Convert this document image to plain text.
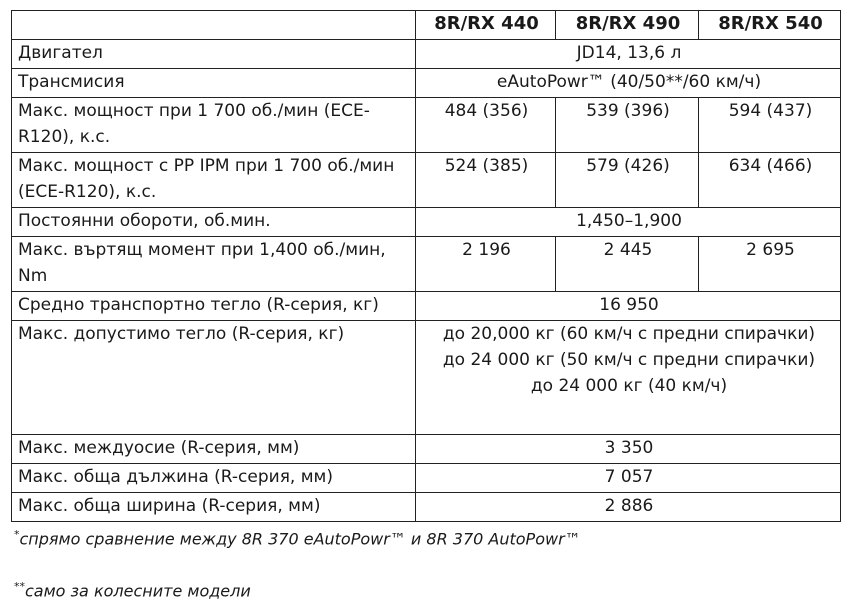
	8R/RX 440	8R/RX 490	8R/RX 540
Двигател	JD14, 13,6 л		
Трансмисия	eAutoPowr™ (40/50**/60 км/ч)		
Макс. мощност при 1 700 об./мин (ECE-R120), к.с.	484 (356)	539 (396)	594 (437)
Макс. мощност с PP IPM при 1 700 об./мин (ECE-R120), к.с.	524 (385)	579 (426)	634 (466)
Постоянни обороти, об.мин.	1,450–1,900		
Макс. въртящ момент при 1,400 об./мин, Nm	2 196	2 445	2 695
Средно транспортно тегло (R-серия, кг)	16 950		
Макс. допустимо тегло (R-серия, кг)	до 20,000 кг (60 км/ч с предни спирачки)
до 24 000 кг (50 км/ч с предни спирачки)
до 24 000 кг (40 км/ч)		

Макс. междуосие (R-серия, мм)	3 350		
Макс. обща дължина (R-серия, мм)	7 057		
Макс. обща ширина (R-серия, мм)	2 886		
*спрямо сравнение между 8R 370 eAutoPowr™ и 8R 370 AutoPowr™
**само за колесните модели
